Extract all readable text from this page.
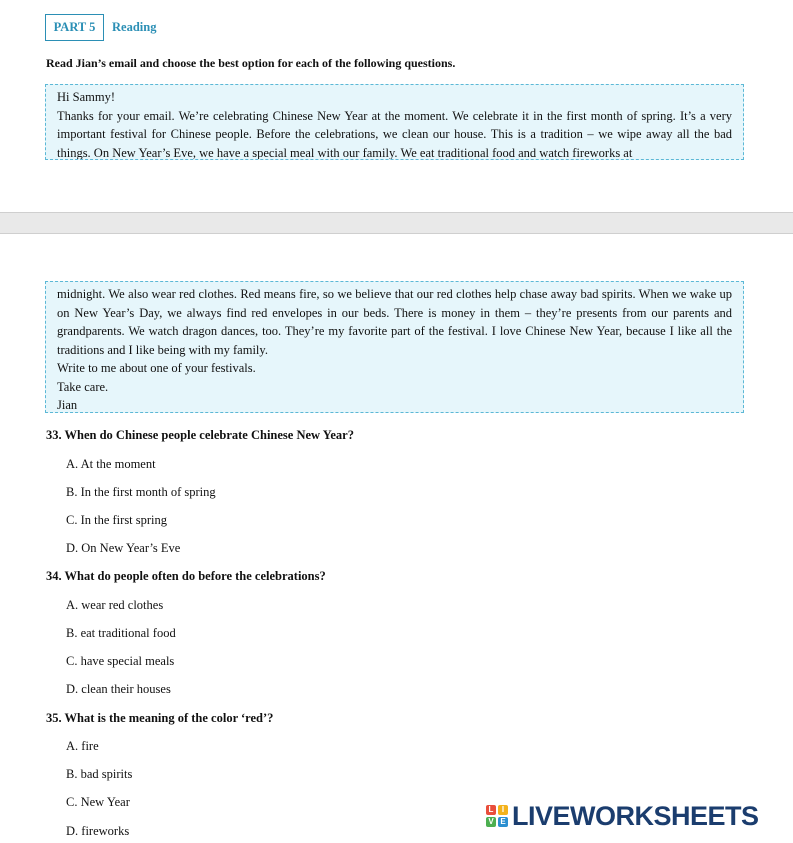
PART 5	Reading
Read Jian’s email and choose the best option for each of the following questions.

Hi Sammy!

Thanks for your email. We’re celebrating Chinese New Year at the moment. We celebrate it in the first month of spring. It’s a very important festival for Chinese people. Before the celebrations, we clean our house. This is a tradition – we wipe away all the bad things. On New Year’s Eve, we have a special meal with our family. We eat traditional food and watch fireworks at

midnight. We also wear red clothes. Red means fire, so we believe that our red clothes help chase away bad spirits. When we wake up on New Year’s Day, we always find red envelopes in our beds. There is money in them – they’re presents from our parents and grandparents. We watch dragon dances, too. They’re my favorite part of the festival. I love Chinese New Year, because I like all the traditions and I like being with my family.

Write to me about one of your festivals.

Take care.

Jian

33. When do Chinese people celebrate Chinese New Year?
A. At the moment
B. In the first month of spring
C. In the first spring
D. On New Year’s Eve
34. What do people often do before the celebrations?
A. wear red clothes
B. eat traditional food
C. have special meals
D. clean their houses
35. What is the meaning of the color ‘red’?
A. fire
B. bad spirits
C. New Year
D. fireworks
L	I
V E LIVEWORKSHEETS
